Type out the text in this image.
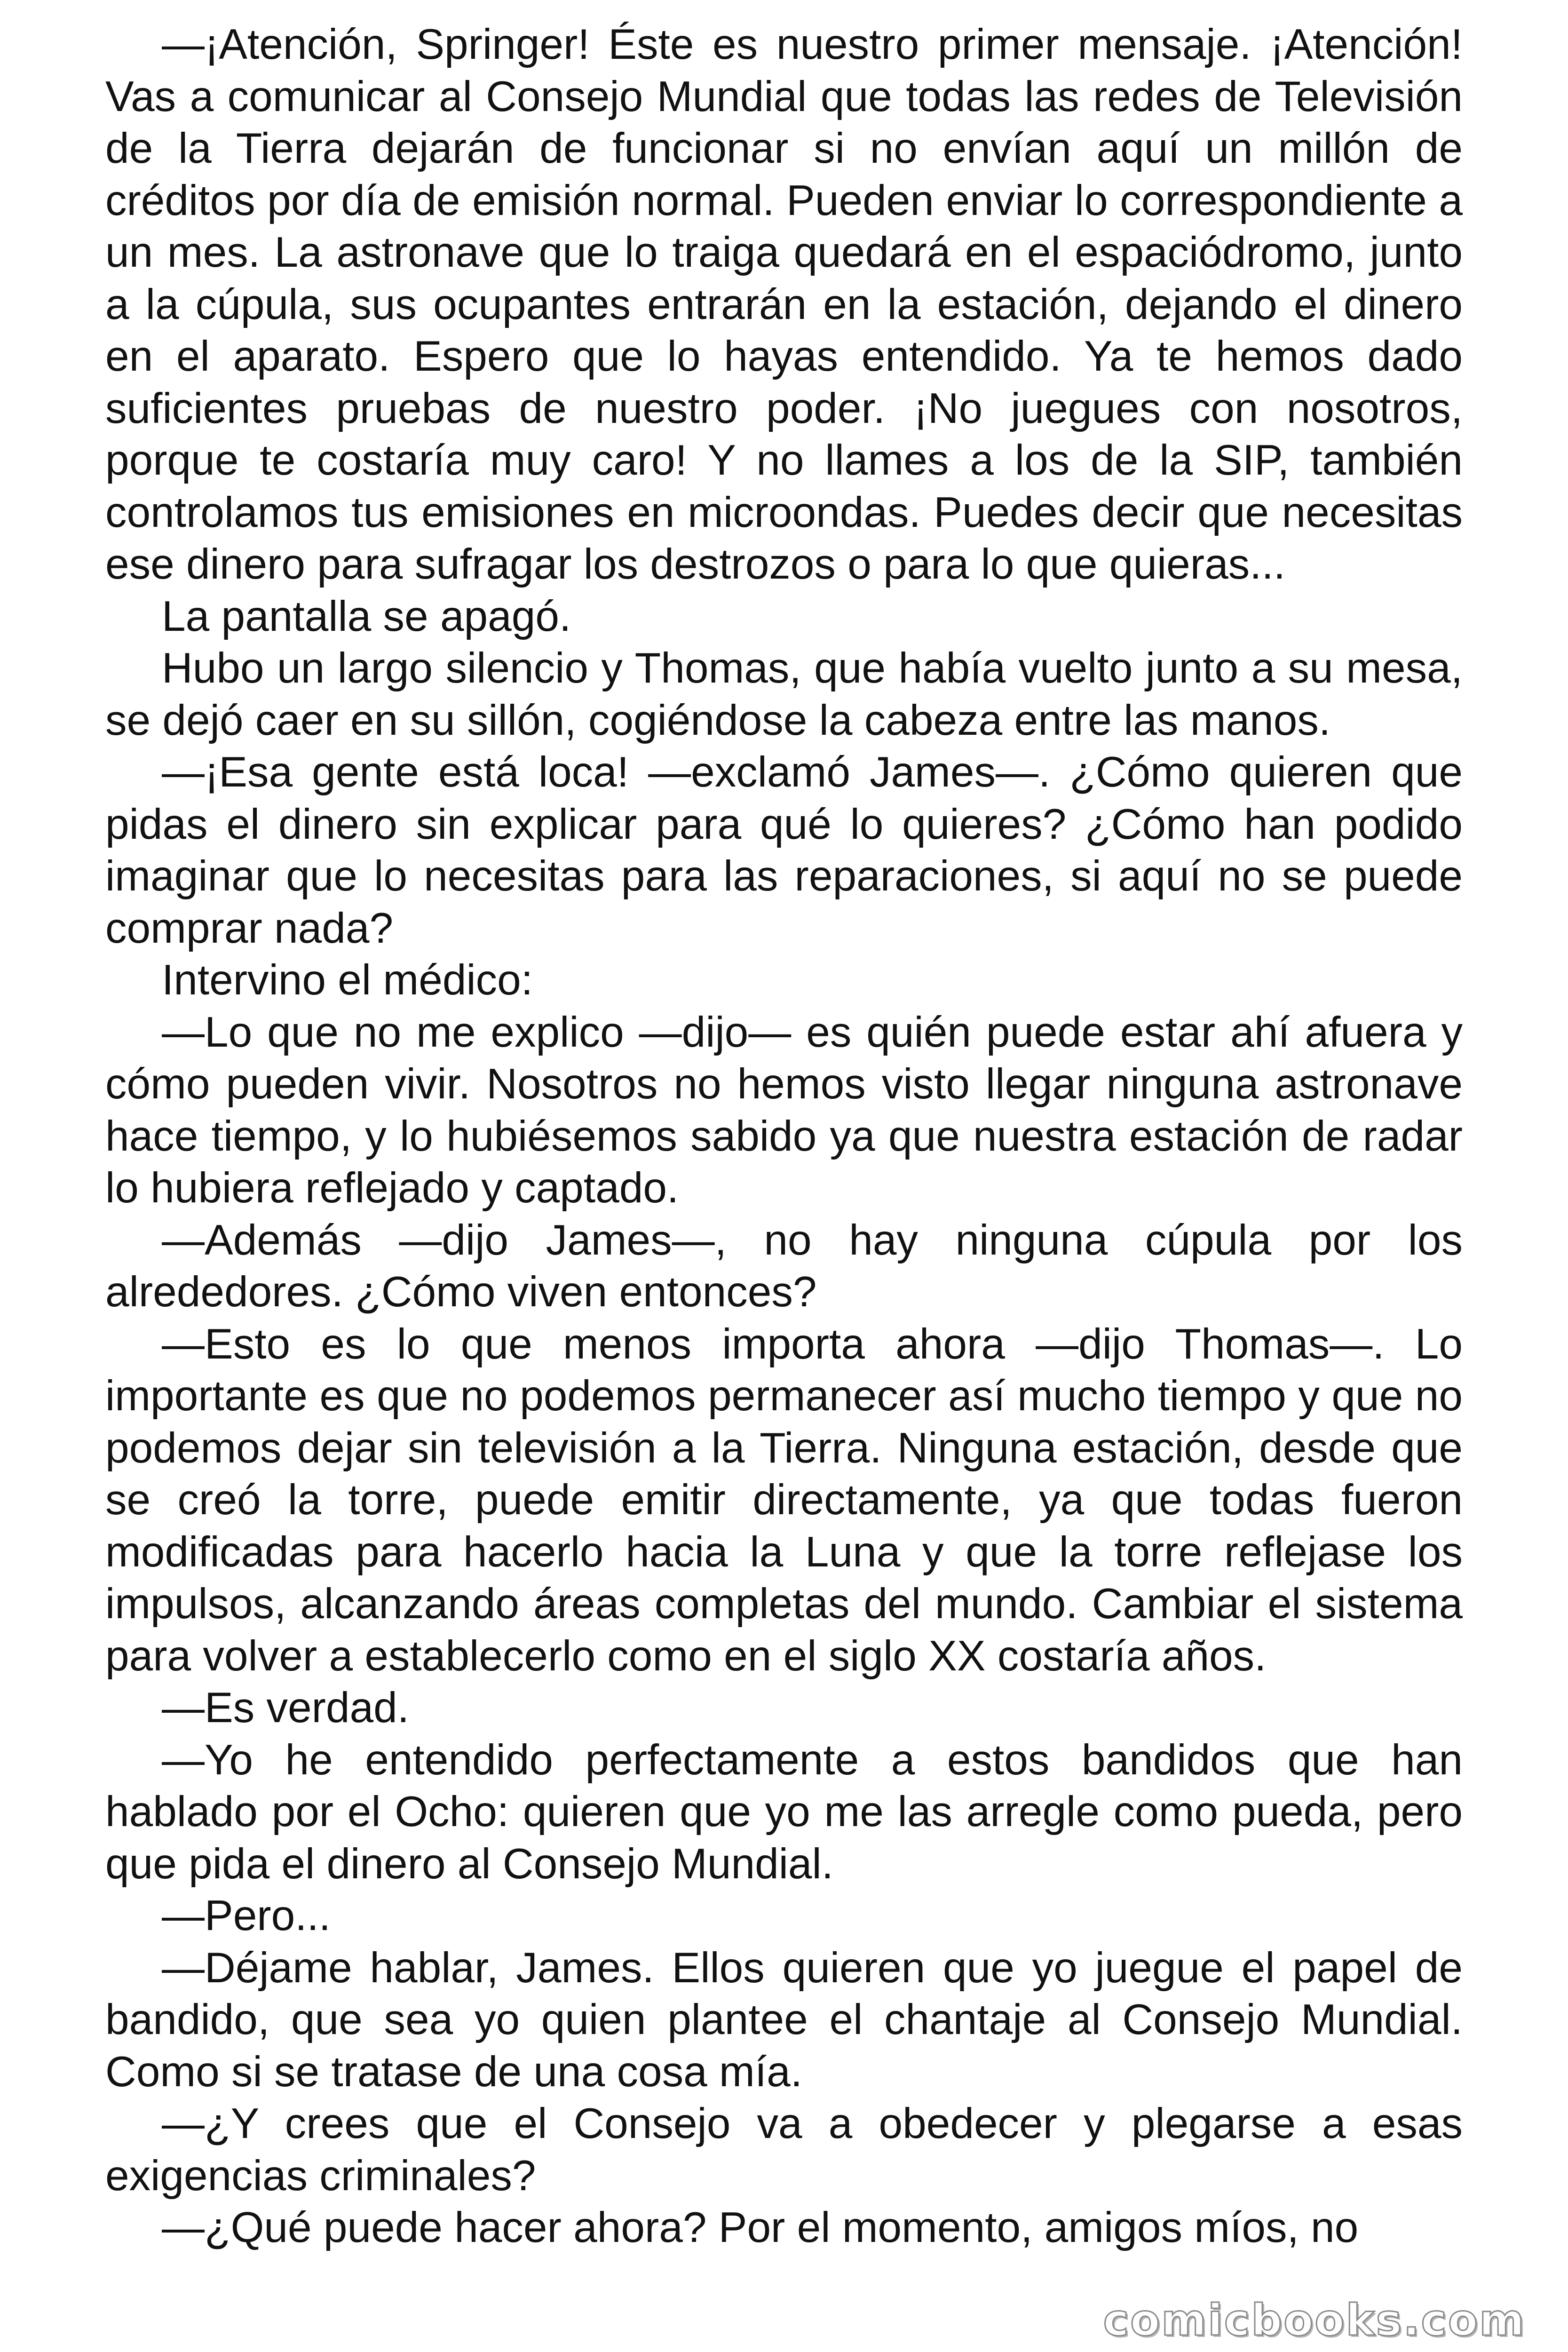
—¡Atención, Springer! Éste es nuestro primer mensaje. ¡Atención! Vas a comunicar al Consejo Mundial que todas las redes de Televisión de la Tierra dejarán de funcionar si no envían aquí un millón de créditos por día de emisión normal. Pueden enviar lo correspondiente a un mes. La astronave que lo traiga quedará en el espaciódromo, junto a la cúpula, sus ocupantes entrarán en la estación, dejando el dinero en el aparato. Espero que lo hayas entendido. Ya te hemos dado suficientes pruebas de nuestro poder. ¡No juegues con nosotros, porque te costaría muy caro! Y no llames a los de la SIP, también controlamos tus emisiones en microondas. Puedes decir que necesitas ese dinero para sufragar los destrozos o para lo que quieras...

La pantalla se apagó.

Hubo un largo silencio y Thomas, que había vuelto junto a su mesa, se dejó caer en su sillón, cogiéndose la cabeza entre las manos.

—¡Esa gente está loca! —exclamó James—. ¿Cómo quieren que pidas el dinero sin explicar para qué lo quieres? ¿Cómo han podido imaginar que lo necesitas para las reparaciones, si aquí no se puede comprar nada?

Intervino el médico:

—Lo que no me explico —dijo— es quién puede estar ahí afuera y cómo pueden vivir. Nosotros no hemos visto llegar ninguna astronave hace tiempo, y lo hubiésemos sabido ya que nuestra estación de radar lo hubiera reflejado y captado.

—Además —dijo James—, no hay ninguna cúpula por los alrededores. ¿Cómo viven entonces?

—Esto es lo que menos importa ahora —dijo Thomas—. Lo importante es que no podemos permanecer así mucho tiempo y que no podemos dejar sin televisión a la Tierra. Ninguna estación, desde que se creó la torre, puede emitir directamente, ya que todas fueron modificadas para hacerlo hacia la Luna y que la torre reflejase los impulsos, alcanzando áreas completas del mundo. Cambiar el sistema para volver a establecerlo como en el siglo XX costaría años.

—Es verdad.

—Yo he entendido perfectamente a estos bandidos que han hablado por el Ocho: quieren que yo me las arregle como pueda, pero que pida el dinero al Consejo Mundial.

—Pero...

—Déjame hablar, James. Ellos quieren que yo juegue el papel de bandido, que sea yo quien plantee el chantaje al Consejo Mundial. Como si se tratase de una cosa mía.

—¿Y crees que el Consejo va a obedecer y plegarse a esas exigencias criminales?

—¿Qué puede hacer ahora? Por el momento, amigos míos, no

comicbooks.com
